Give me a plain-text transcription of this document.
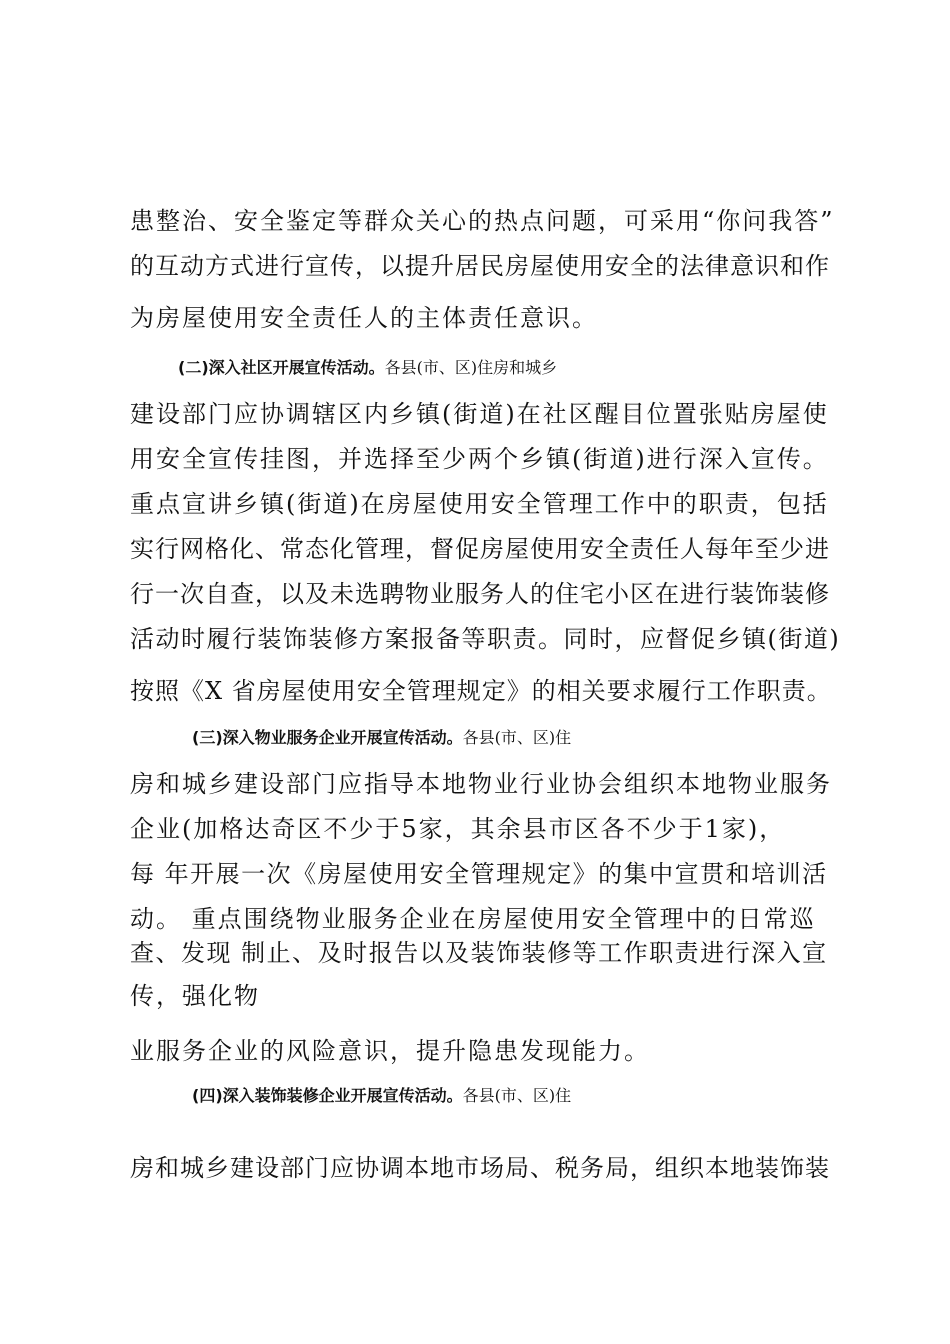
患整治、安全鉴定等群众关心的热点问题，可采用“你问我答”
的互动方式进行宣传，以提升居民房屋使用安全的法律意识和作
为房屋使用安全责任人的主体责任意识。
(二)深入社区开展宣传活动。各县(市、区)住房和城乡
建设部门应协调辖区内乡镇(街道)在社区醒目位置张贴房屋使
用安全宣传挂图，并选择至少两个乡镇(街道)进行深入宣传。
重点宣讲乡镇(街道)在房屋使用安全管理工作中的职责，包括
实行网格化、常态化管理，督促房屋使用安全责任人每年至少进
行一次自查，以及未选聘物业服务人的住宅小区在进行装饰装修
活动时履行装饰装修方案报备等职责。同时，应督促乡镇(街道)
按照《X 省房屋使用安全管理规定》的相关要求履行工作职责。
(三)深入物业服务企业开展宣传活动。各县(市、区)住
房和城乡建设部门应指导本地物业行业协会组织本地物业服务
企业(加格达奇区不少于5家，其余县市区各不少于1家)，
每 年开展一次《房屋使用安全管理规定》的集中宣贯和培训活
动。 重点围绕物业服务企业在房屋使用安全管理中的日常巡
查、发现 制止、及时报告以及装饰装修等工作职责进行深入宣
传，强化物
业服务企业的风险意识，提升隐患发现能力。
(四)深入装饰装修企业开展宣传活动。各县(市、区)住
房和城乡建设部门应协调本地市场局、税务局，组织本地装饰装
